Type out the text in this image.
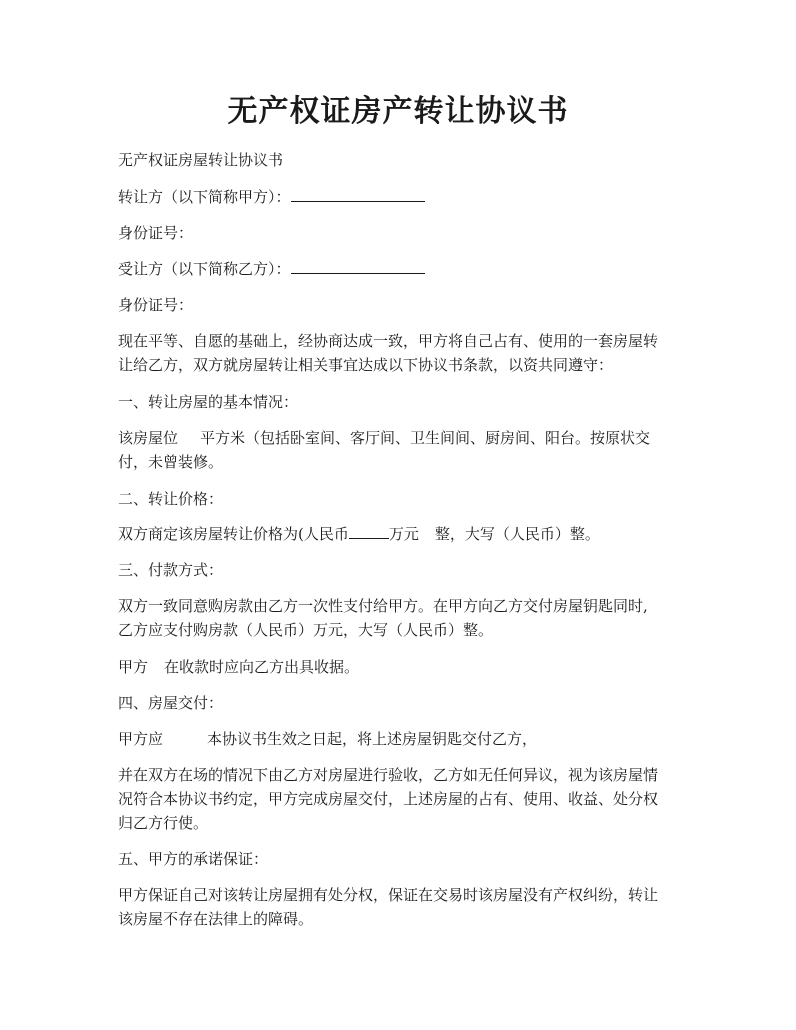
无产权证房产转让协议书
无产权证房屋转让协议书
转让方（以下简称甲方）：
身份证号：
受让方（以下简称乙方）：
身份证号：
现在平等、自愿的基础上，经协商达成一致，甲方将自己占有、使用的一套房屋转
让给乙方，双方就房屋转让相关事宜达成以下协议书条款，以资共同遵守：
一、转让房屋的基本情况：
该房屋位 平方米（包括卧室间、客厅间、卫生间间、厨房间、阳台。按原状交
付，未曾装修。
二、转让价格：
双方商定该房屋转让价格为(人民币	万元 整，大写（人民币）整。
三、付款方式：
双方一致同意购房款由乙方一次性支付给甲方。在甲方向乙方交付房屋钥匙同时,
乙方应支付购房款（人民币）万元，大写（人民币）整。
甲方 在收款时应向乙方出具收据。
四、房屋交付：
甲方应	本协议书生效之日起，将上述房屋钥匙交付乙方，
并在双方在场的情况下由乙方对房屋进行验收，乙方如无任何异议，视为该房屋情
况符合本协议书约定，甲方完成房屋交付，上述房屋的占有、使用、收益、处分权
归乙方行使。
五、甲方的承诺保证：
甲方保证自己对该转让房屋拥有处分权，保证在交易时该房屋没有产权纠纷，转让
该房屋不存在法律上的障碍。
